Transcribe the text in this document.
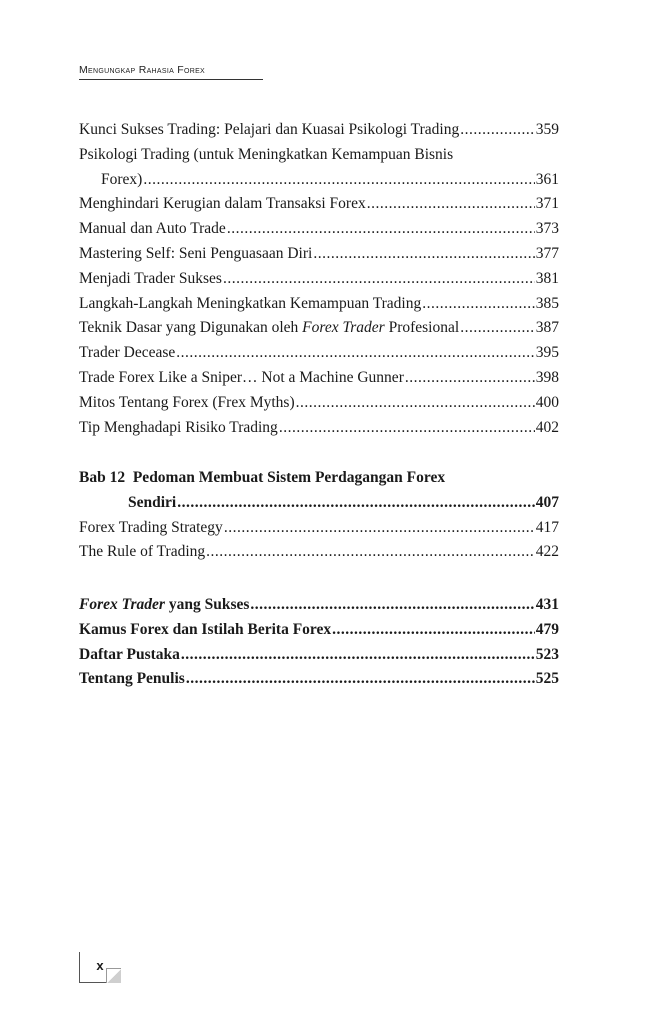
Mengungkap Rahasia Forex
Kunci Sukses Trading: Pelajari dan Kuasai Psikologi Trading .....	359
Psikologi Trading (untuk Meningkatkan Kemampuan Bisnis
Forex) .....	361
Menghindari Kerugian dalam Transaksi Forex .....	371
Manual dan Auto Trade .....	373
Mastering Self: Seni Penguasaan Diri .....	377
Menjadi Trader Sukses .....	381
Langkah-Langkah Meningkatkan Kemampuan Trading .....	385
Teknik Dasar yang Digunakan oleh Forex Trader Profesional .....	387
Trader Decease .....	395
Trade Forex Like a Sniper… Not a Machine Gunner .....	398
Mitos Tentang Forex (Frex Myths) .....	400
Tip Menghadapi Risiko Trading .....	402
Bab 12 Pedoman Membuat Sistem Perdagangan Forex
Sendiri .....	407
Forex Trading Strategy .....	417
The Rule of Trading .....	422
Forex Trader yang Sukses .....	431
Kamus Forex dan Istilah Berita Forex .....	479
Daftar Pustaka .....	523
Tentang Penulis .....	525
x
